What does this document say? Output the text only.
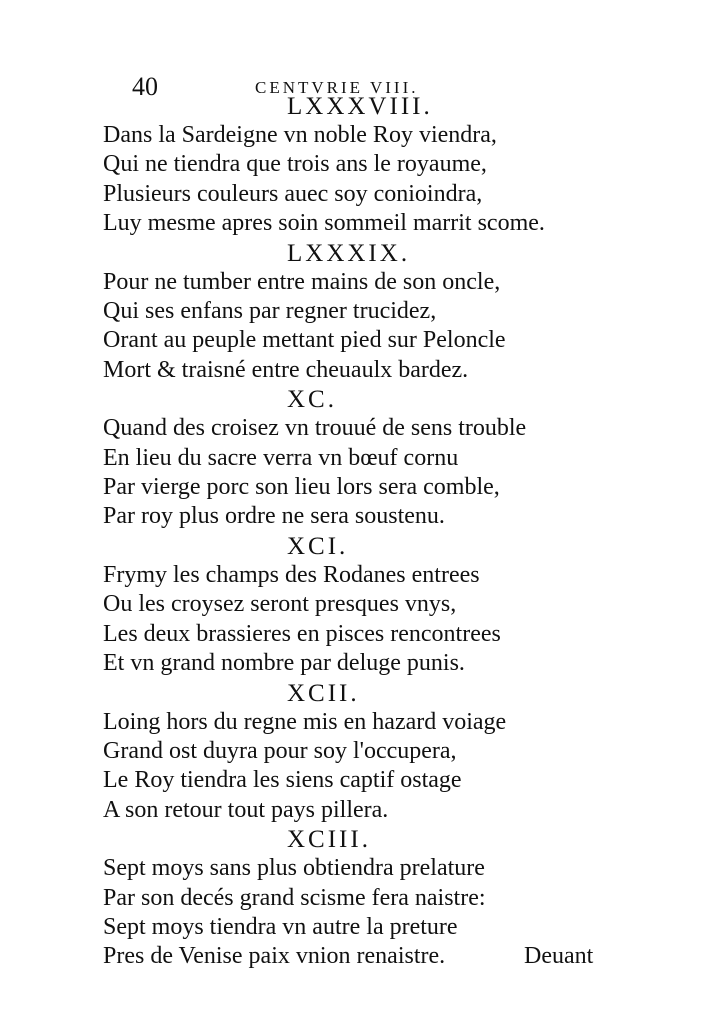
40	CENTVRIE VIII.
LXXXVIII.
Dans la Sardeigne vn noble Roy viendra,
Qui ne tiendra que trois ans le royaume,
Plusieurs couleurs auec soy conioindra,
Luy mesme apres soin sommeil marrit scome.
LXXXIX.
Pour ne tumber entre mains de son oncle,
Qui ses enfans par regner trucidez,
Orant au peuple mettant pied sur Peloncle
Mort & traisné entre cheuaulx bardez.
XC.
Quand des croisez vn trouué de sens trouble
En lieu du sacre verra vn bœuf cornu
Par vierge porc son lieu lors sera comble,
Par roy plus ordre ne sera soustenu.
XCI.
Frymy les champs des Rodanes entrees
Ou les croysez seront presques vnys,
Les deux brassieres en pisces rencontrees
Et vn grand nombre par deluge punis.
XCII.
Loing hors du regne mis en hazard voiage
Grand ost duyra pour soy l'occupera,
Le Roy tiendra les siens captif ostage
A son retour tout pays pillera.
XCIII.
Sept moys sans plus obtiendra prelature
Par son decés grand scisme fera naistre:
Sept moys tiendra vn autre la preture
Pres de Venise paix vnion renaistre.	Deuant
